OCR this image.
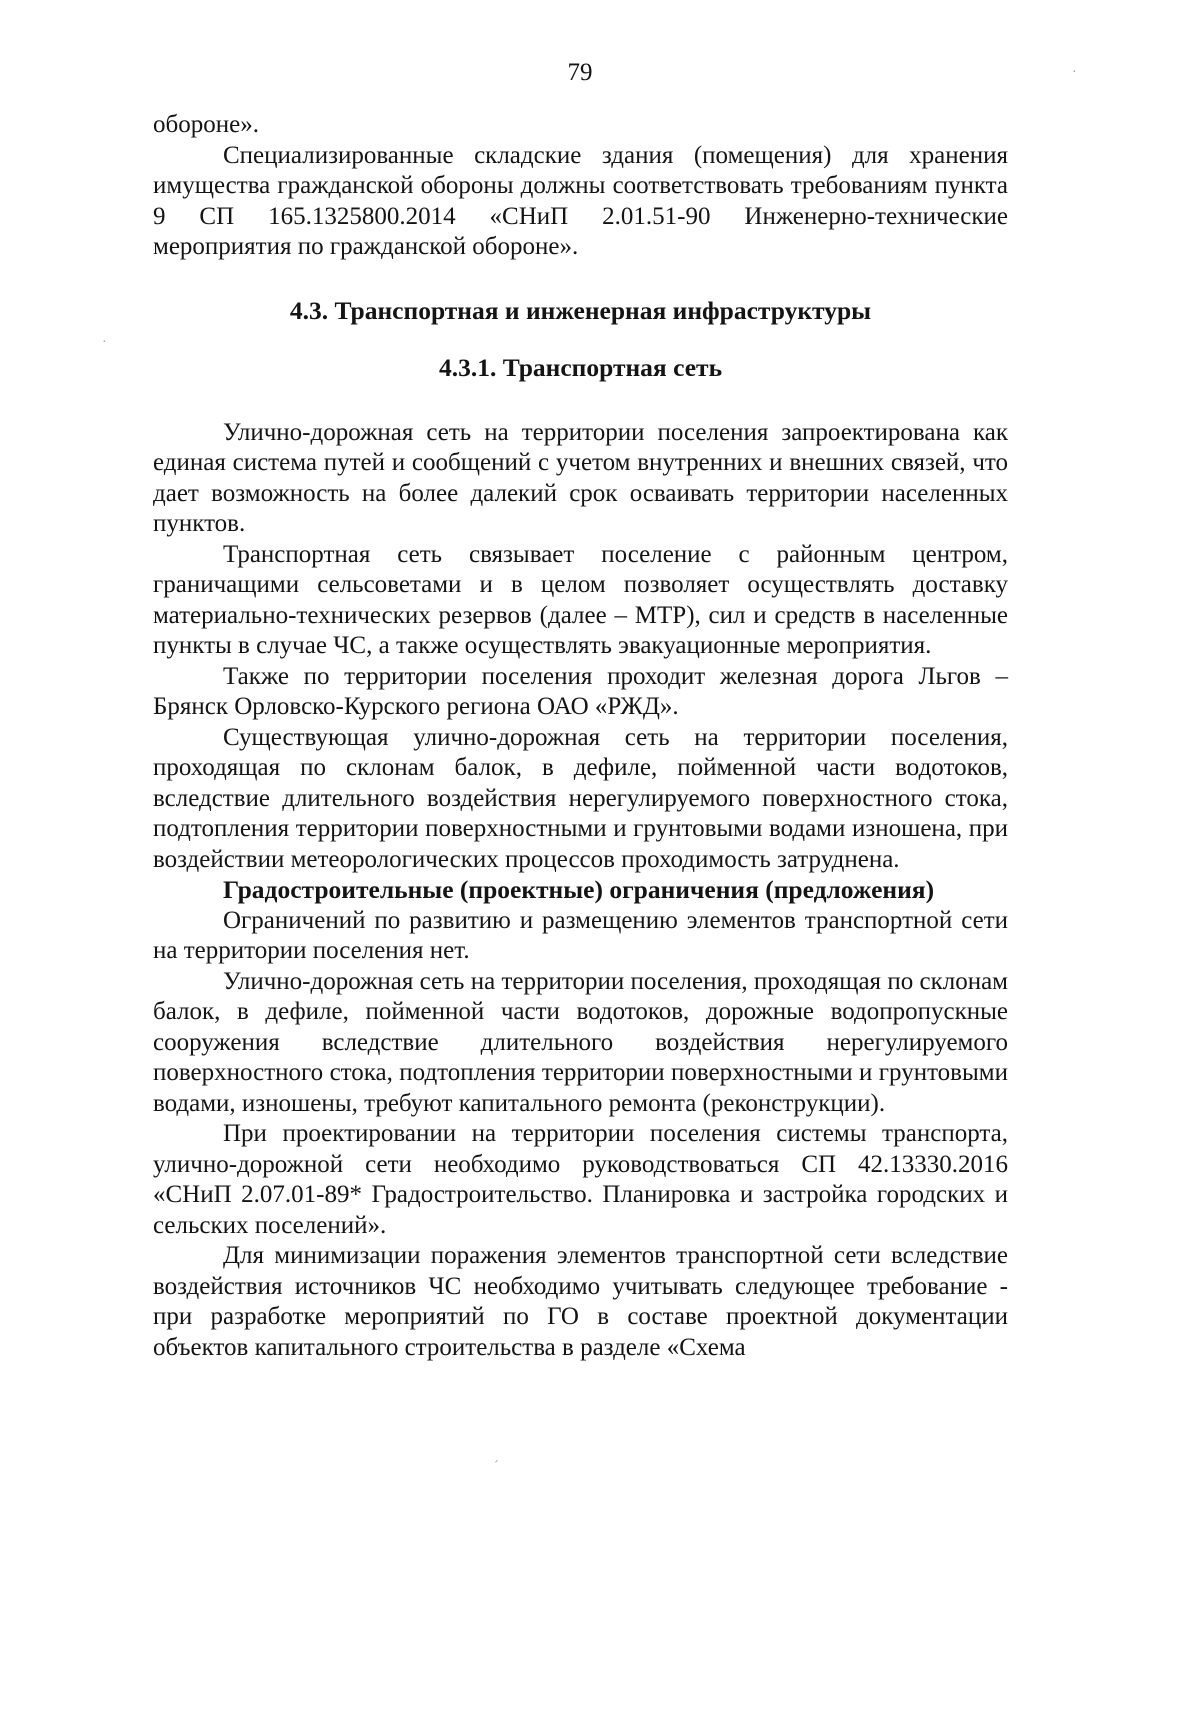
79

обороне».

Специализированные складские здания (помещения) для хранения имущества гражданской обороны должны соответствовать требованиям пункта 9 СП 165.1325800.2014 «СНиП 2.01.51-90 Инженерно-технические мероприятия по гражданской обороне».

4.3. Транспортная и инженерная инфраструктуры
4.3.1. Транспортная сеть

Улично-дорожная сеть на территории поселения запроектирована как единая система путей и сообщений с учетом внутренних и внешних связей, что дает возможность на более далекий срок осваивать территории населенных пунктов.

Транспортная сеть связывает поселение с районным центром, граничащими сельсоветами и в целом позволяет осуществлять доставку материально-технических резервов (далее – МТР), сил и средств в населенные пункты в случае ЧС, а также осуществлять эвакуационные мероприятия.

Также по территории поселения проходит железная дорога Льгов – Брянск Орловско-Курского региона ОАО «РЖД».

Существующая улично-дорожная сеть на территории поселения, проходящая по склонам балок, в дефиле, пойменной части водотоков, вследствие длительного воздействия нерегулируемого поверхностного стока, подтопления территории поверхностными и грунтовыми водами изношена, при воздействии метеорологических процессов проходимость затруднена.

Градостроительные (проектные) ограничения (предложения)

Ограничений по развитию и размещению элементов транспортной сети на территории поселения нет.

Улично-дорожная сеть на территории поселения, проходящая по склонам балок, в дефиле, пойменной части водотоков, дорожные водопропускные сооружения вследствие длительного воздействия нерегулируемого поверхностного стока, подтопления территории поверхностными и грунтовыми водами, изношены, требуют капитального ремонта (реконструкции).

При проектировании на территории поселения системы транспорта, улично-дорожной сети необходимо руководствоваться СП 42.13330.2016 «СНиП 2.07.01-89* Градостроительство. Планировка и застройка городских и сельских поселений».

Для минимизации поражения элементов транспортной сети вследствие воздействия источников ЧС необходимо учитывать следующее требование - при разработке мероприятий по ГО в составе проектной документации объектов капитального строительства в разделе «Схема

·
·
ˊ
